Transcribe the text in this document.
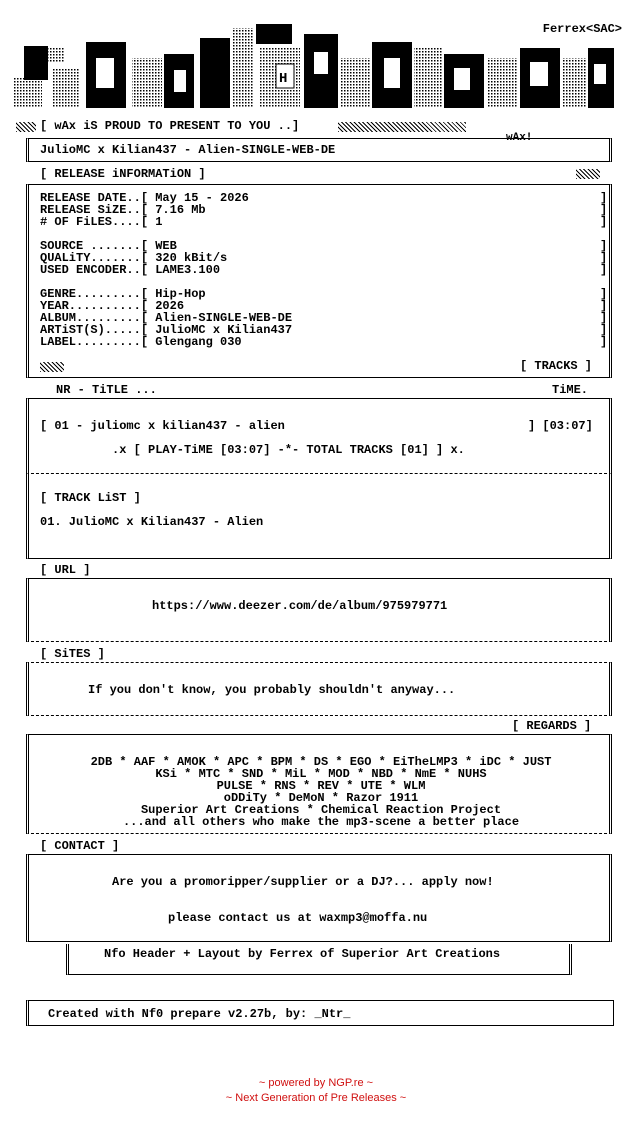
Ferrex<SAC>
H
[ wAx iS PROUD TO PRESENT TO YOU ..]
wAx!
JulioMC x Kilian437 - Alien-SINGLE-WEB-DE
[ RELEASE iNFORMATiON ]
RELEASE DATE..[ May 15 - 2026	]
RELEASE SiZE..[ 7.16 Mb	]
# OF FiLES....[ 1	]
SOURCE .......[ WEB	]
QUALiTY.......[ 320 kBit/s	]
USED ENCODER..[ LAME3.100	]
GENRE.........[ Hip-Hop	]
YEAR..........[ 2026	]
ALBUM.........[ Alien-SINGLE-WEB-DE	]
ARTiST(S).....[ JulioMC x Kilian437	]
LABEL.........[ Glengang 030	]
[ TRACKS ]
NR - TiTLE ...	TiME.
[ 01 - juliomc x kilian437 - alien	] [03:07]
.x [ PLAY-TiME [03:07] -*- TOTAL TRACKS [01] ] x.
[ TRACK LiST ]
01. JulioMC x Kilian437 - Alien
[ URL ]
https://www.deezer.com/de/album/975979771
[ SiTES ]
If you don't know, you probably shouldn't anyway...
[ REGARDS ]
2DB * AAF * AMOK * APC * BPM * DS * EGO * EiTheLMP3 * iDC * JUST
KSi * MTC * SND * MiL * MOD * NBD * NmE * NUHS
PULSE * RNS * REV * UTE * WLM
oDDiTy * DeMoN * Razor 1911
Superior Art Creations * Chemical Reaction Project
...and all others who make the mp3-scene a better place
[ CONTACT ]
Are you a promoripper/supplier or a DJ?... apply now!
please contact us at waxmp3@moffa.nu
Nfo Header + Layout by Ferrex of Superior Art Creations
Created with Nf0 prepare v2.27b, by: _Ntr_
~ powered by NGP.re ~
~ Next Generation of Pre Releases ~
